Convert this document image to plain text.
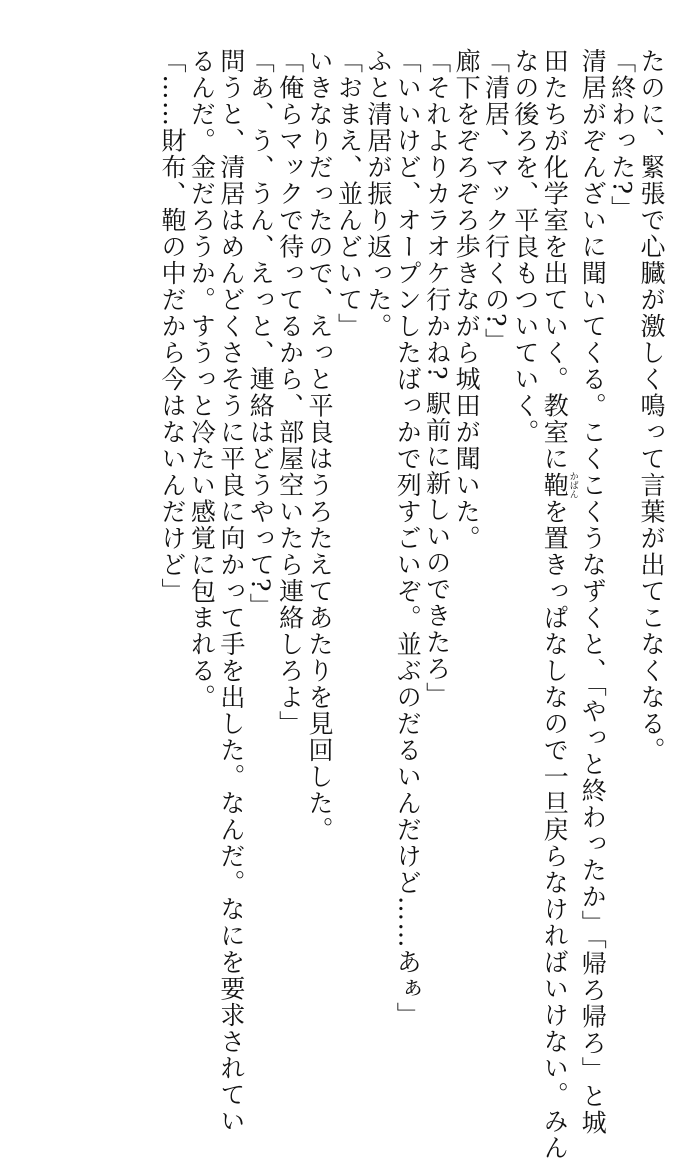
たのに、緊張で心臓が激しく鳴って言葉が出てこなくなる。
「終わった?」
清居がぞんざいに聞いてくる。こくこくうなずくと、「やっと終わったか」「帰ろ帰ろ」と城
田たちが化学室を出ていく。教室に鞄かばんを置きっぱなしなので一旦戻らなければいけない。みん
なの後ろを、平良もついていく。
「清居、マック行くの?」
廊下をぞろぞろ歩きながら城田が聞いた。
「それよりカラオケ行かね? 駅前に新しいのできたろ」
「いいけど、オープンしたばっかで列すごいぞ。並ぶのだるいんだけど……あぁ」
ふと清居が振り返った。
「おまえ、並んどいて」
いきなりだったので、えっと平良はうろたえてあたりを見回した。
「俺らマックで待ってるから、部屋空いたら連絡しろよ」
「あ、う、うん、えっと、連絡はどうやって?」
問うと、清居はめんどくさそうに平良に向かって手を出した。なんだ。なにを要求されてい
るんだ。金だろうか。すうっと冷たい感覚に包まれる。
「……財布、鞄の中だから今はないんだけど」
